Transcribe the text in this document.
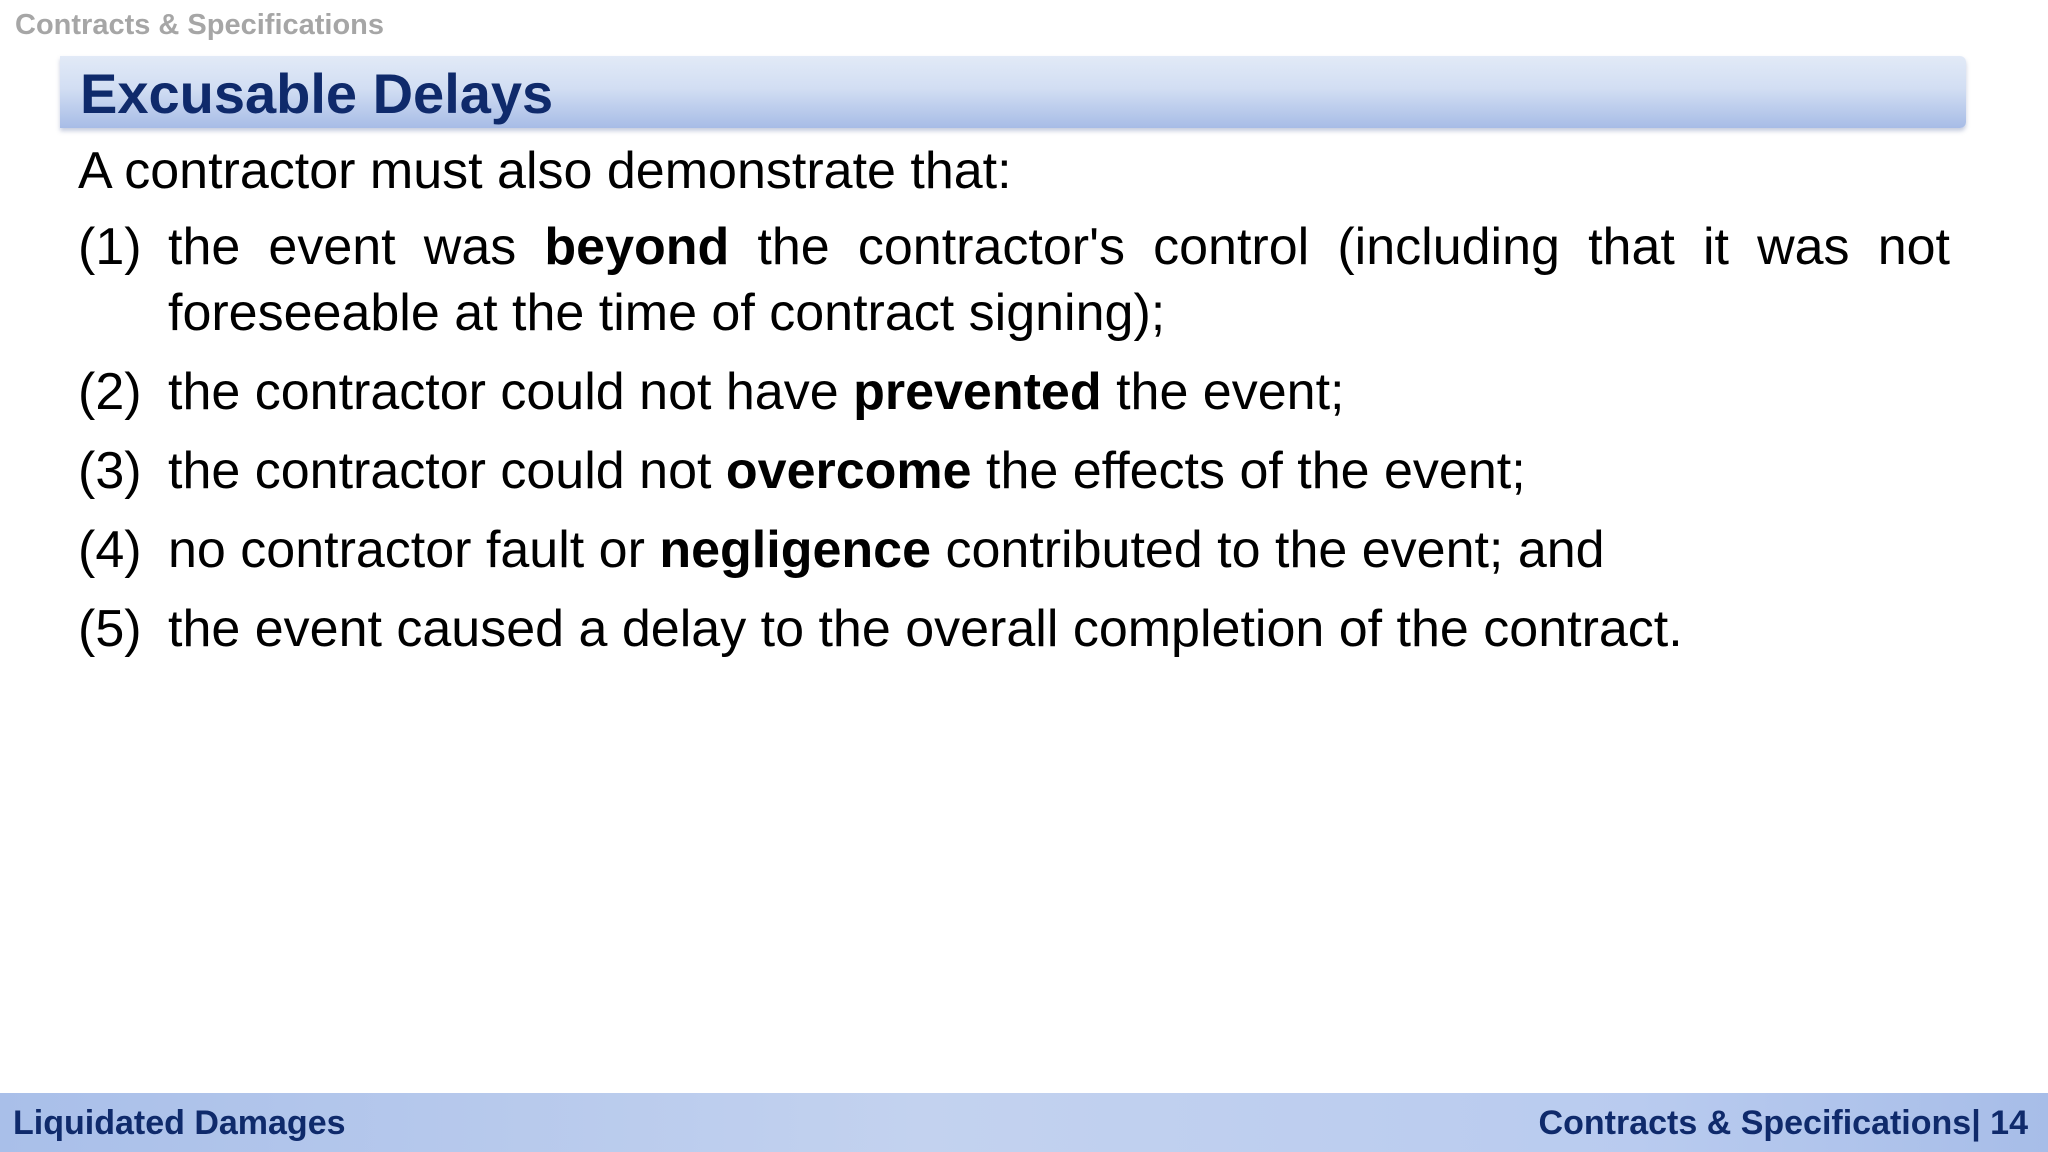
Contracts & Specifications
Excusable Delays
A contractor must also demonstrate that:
(1) the event was beyond the contractor's control (including that it was not foreseeable at the time of contract signing);
(2) the contractor could not have prevented the event;
(3) the contractor could not overcome the effects of the event;
(4) no contractor fault or negligence contributed to the event; and
(5) the event caused a delay to the overall completion of the contract.
Liquidated Damages	Contracts & Specifications| 14
